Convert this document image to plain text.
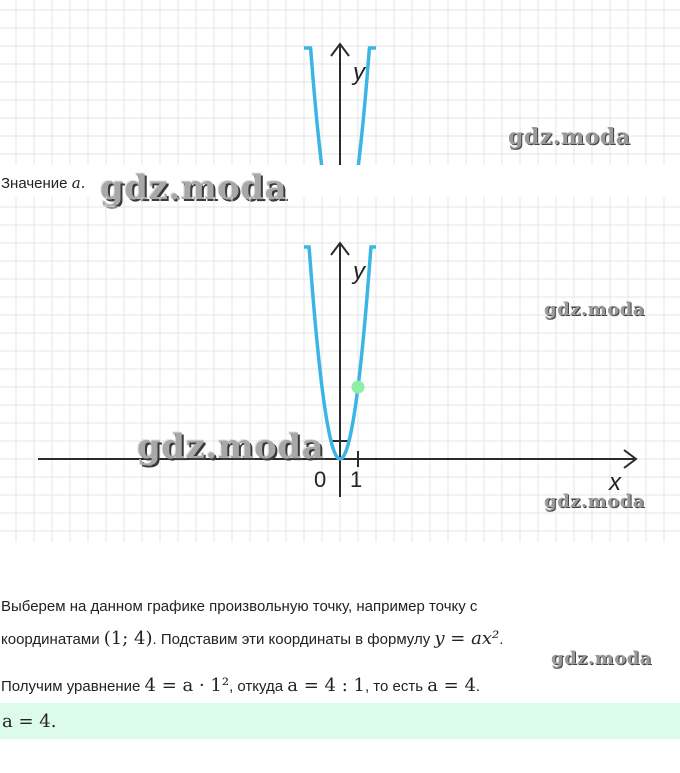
y
gdz.moda
Значение a. gdz.moda
y
x
0 1
gdz.moda
gdz.moda
gdz.moda
Выберем на данном графике произвольную точку, например точку с
координатами (1; 4). Подставим эти координаты в формулу y = ax².
gdz.moda
Получим уравнение 4 = a · 1², откуда a = 4 : 1, то есть a = 4.
a = 4.
